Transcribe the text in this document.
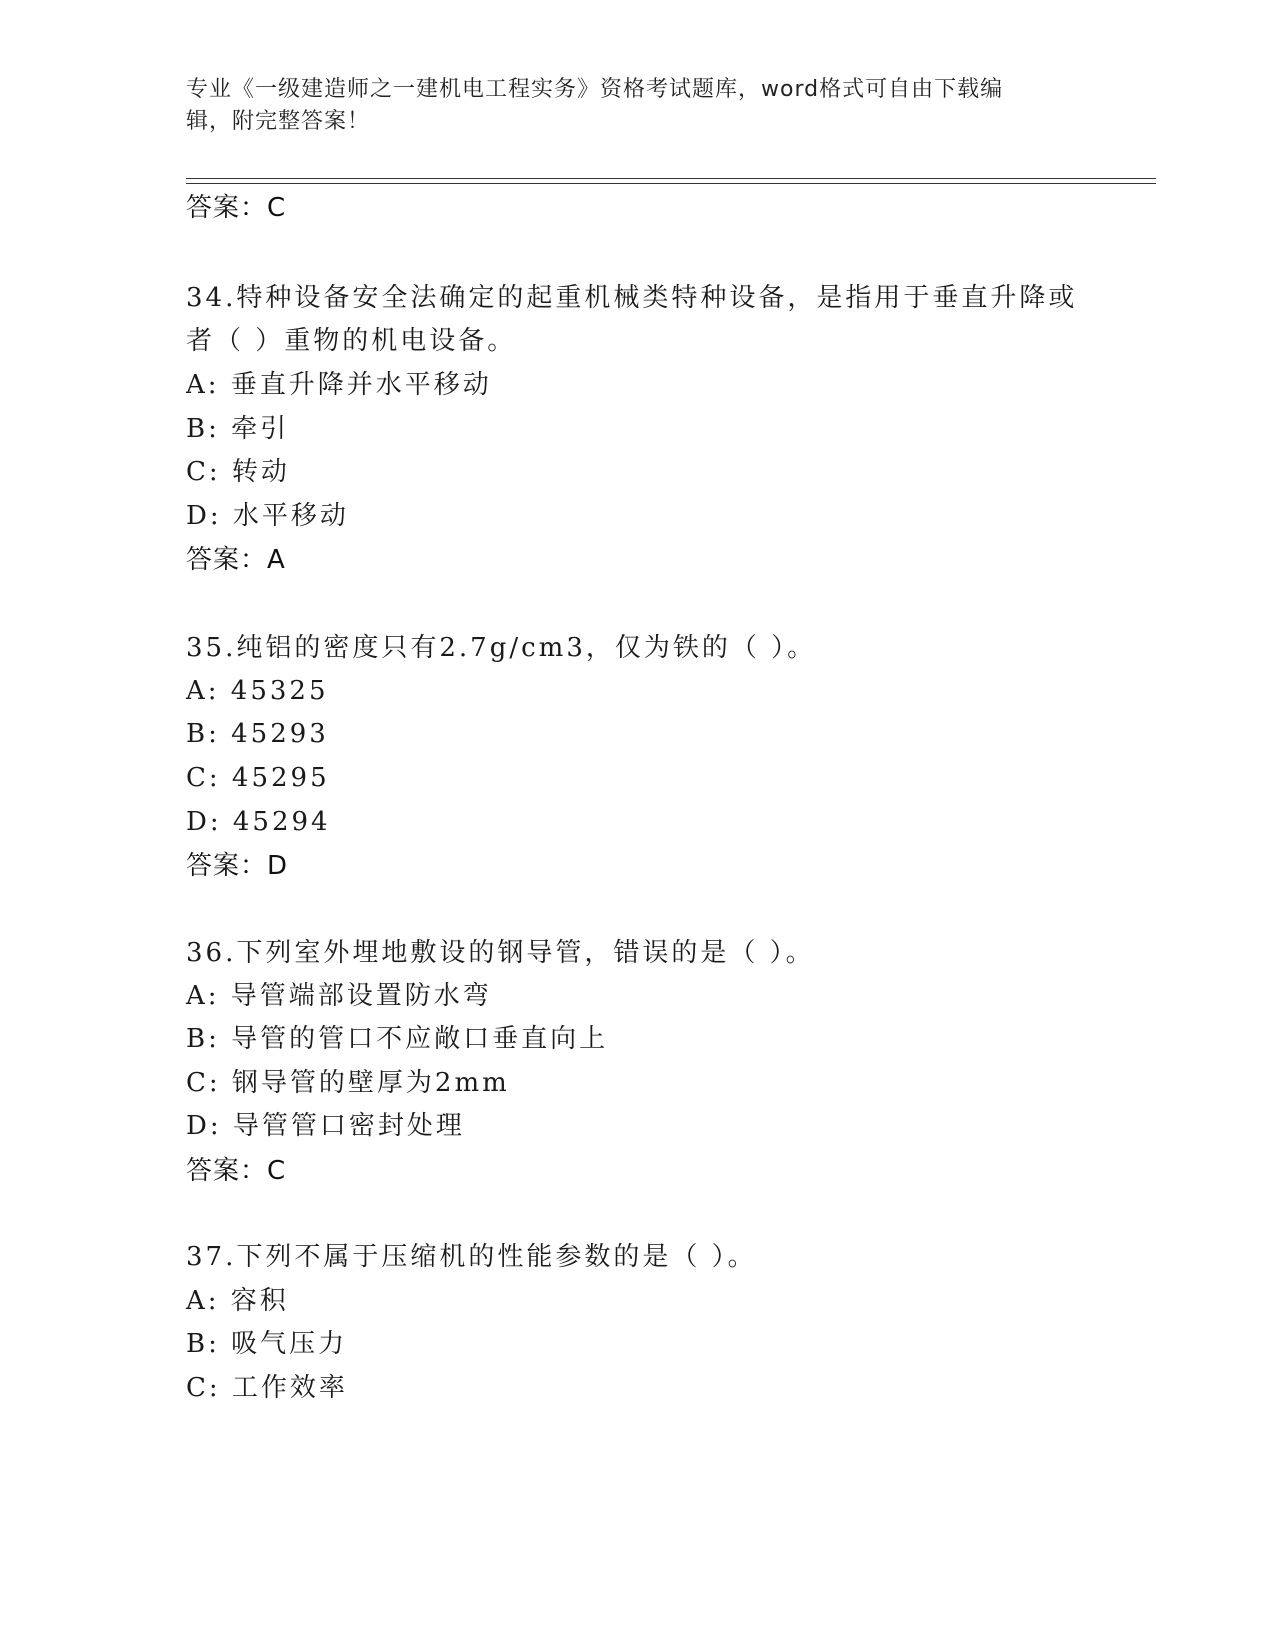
专业《一级建造师之一建机电工程实务》资格考试题库，word格式可自由下载编
辑，附完整答案！
答案：C
34.特种设备安全法确定的起重机械类特种设备，是指用于垂直升降或
者（ ）重物的机电设备。
A: 垂直升降并水平移动
B: 牵引
C: 转动
D: 水平移动
答案：A
35.纯铝的密度只有2.7g/cm3，仅为铁的（ ）。
A: 45325
B: 45293
C: 45295
D: 45294
答案：D
36.下列室外埋地敷设的钢导管，错误的是（ ）。
A: 导管端部设置防水弯
B: 导管的管口不应敞口垂直向上
C: 钢导管的壁厚为2mm
D: 导管管口密封处理
答案：C
37.下列不属于压缩机的性能参数的是（ ）。
A: 容积
B: 吸气压力
C: 工作效率
